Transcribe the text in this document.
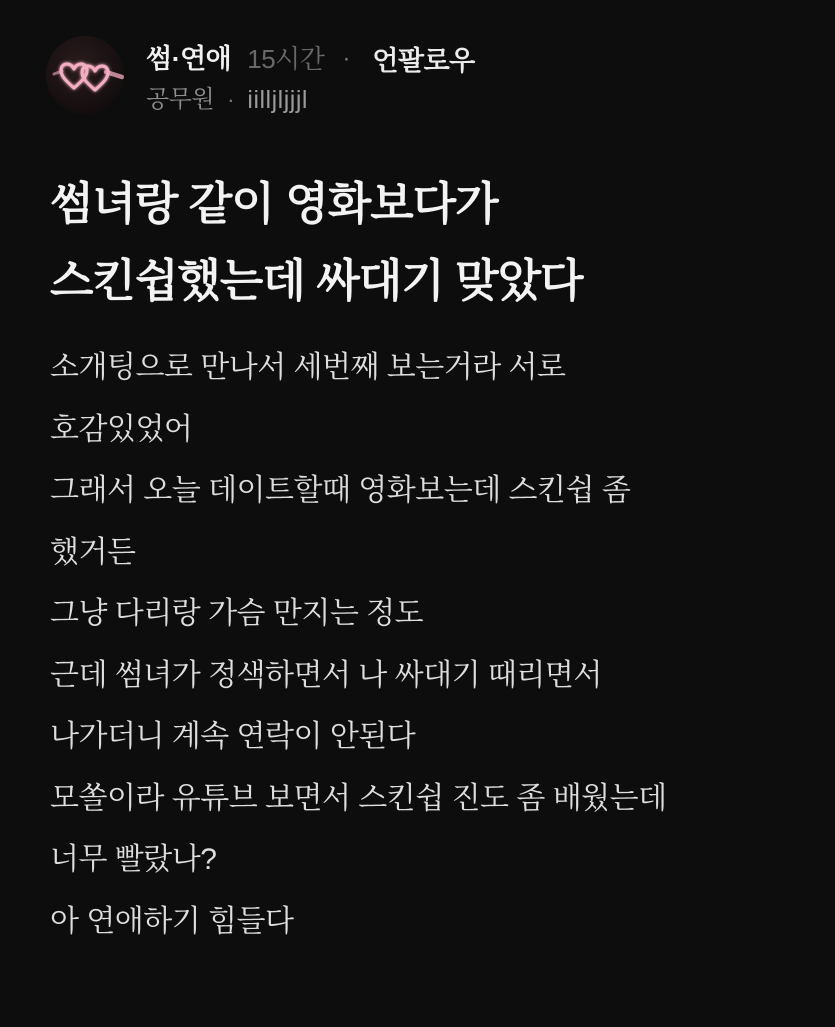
썸·연애 15시간 · 언팔로우
공무원 · iilljljjjl
썸녀랑 같이 영화보다가
스킨쉽했는데 싸대기 맞았다
소개팅으로 만나서 세번째 보는거라 서로
호감있었어
그래서 오늘 데이트할때 영화보는데 스킨쉽 좀
했거든
그냥 다리랑 가슴 만지는 정도
근데 썸녀가 정색하면서 나 싸대기 때리면서
나가더니 계속 연락이 안된다
모쏠이라 유튜브 보면서 스킨쉽 진도 좀 배웠는데
너무 빨랐나?
아 연애하기 힘들다
